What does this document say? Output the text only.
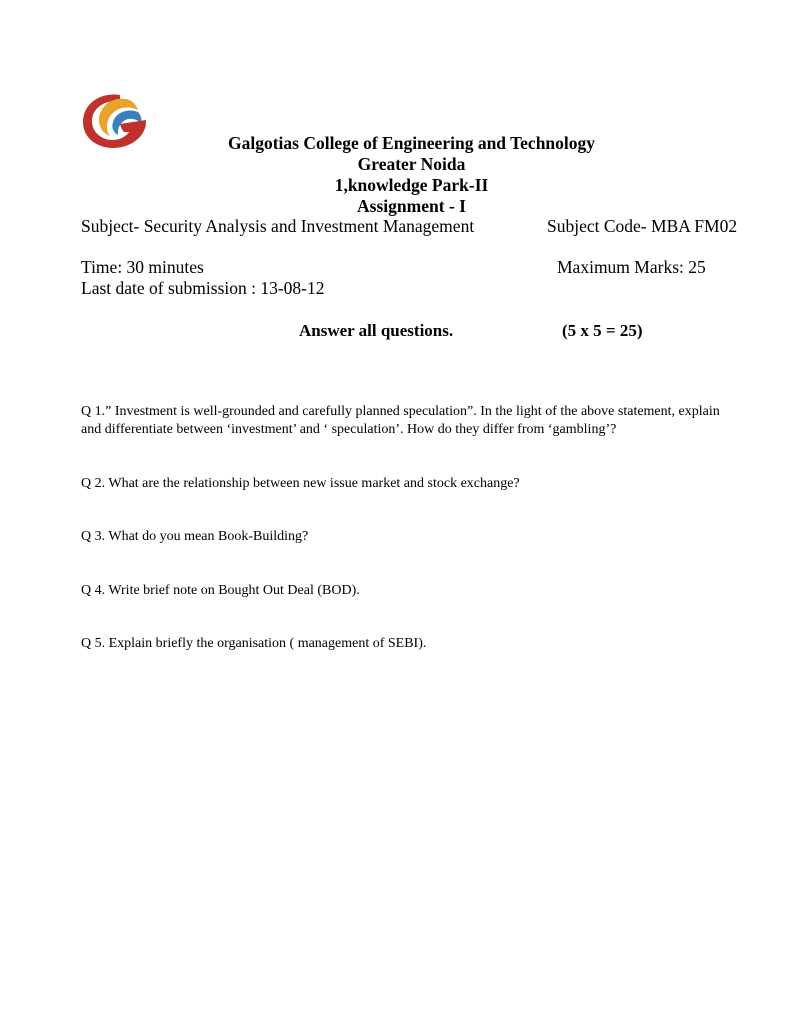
Galgotias College of Engineering and Technology
Greater Noida
1,knowledge Park-II
Assignment - I
Subject- Security Analysis and Investment Management	Subject Code- MBA FM02
Time: 30 minutes	Maximum Marks: 25
Last date of submission : 13-08-12
Answer all questions.	(5 x 5 = 25)
Q 1.” Investment is well-grounded and carefully planned speculation”. In the light of the above statement, explain and differentiate between ‘investment’ and ‘ speculation’. How do they differ from ‘gambling’?
Q 2. What are the relationship between new issue market and stock exchange?
Q 3. What do you mean Book-Building?
Q 4. Write brief note on Bought Out Deal (BOD).
Q 5. Explain briefly the organisation ( management of SEBI).
